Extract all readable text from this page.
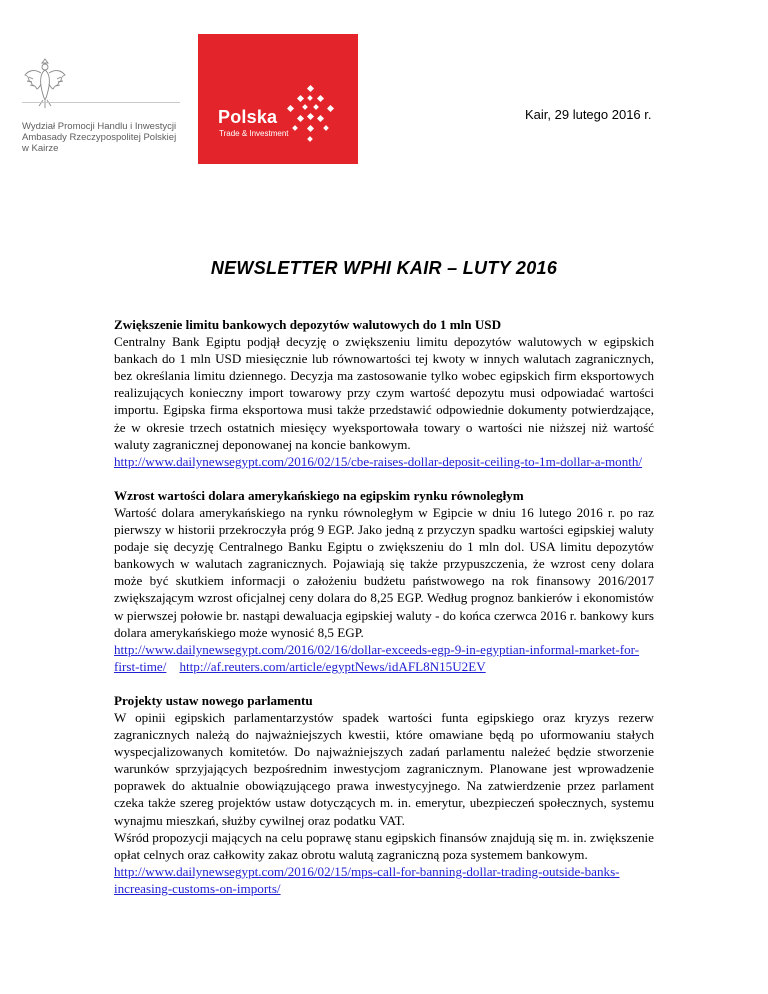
Wydział Promocji Handlu i Inwestycji
Ambasady Rzeczypospolitej Polskiej
w Kairze
Polska
Trade & Investment
Kair, 29 lutego 2016 r.
NEWSLETTER WPHI KAIR – LUTY 2016
Zwiększenie limitu bankowych depozytów walutowych do 1 mln USD

Centralny Bank Egiptu podjął decyzję o zwiększeniu limitu depozytów walutowych w egipskich bankach do 1 mln USD miesięcznie lub równowartości tej kwoty w innych walutach zagranicznych, bez określania limitu dziennego. Decyzja ma zastosowanie tylko wobec egipskich firm eksportowych realizujących konieczny import towarowy przy czym wartość depozytu musi odpowiadać wartości importu. Egipska firma eksportowa musi także przedstawić odpowiednie dokumenty potwierdzające, że w okresie trzech ostatnich miesięcy wyeksportowała towary o wartości nie niższej niż wartość waluty zagranicznej deponowanej na koncie bankowym.

http://www.dailynewsegypt.com/2016/02/15/cbe-raises-dollar-deposit-ceiling-to-1m-dollar-a-month/
Wzrost wartości dolara amerykańskiego na egipskim rynku równoległym

Wartość dolara amerykańskiego na rynku równoległym w Egipcie w dniu 16 lutego 2016 r. po raz pierwszy w historii przekroczyła próg 9 EGP. Jako jedną z przyczyn spadku wartości egipskiej waluty podaje się decyzję Centralnego Banku Egiptu o zwiększeniu do 1 mln dol. USA limitu depozytów bankowych w walutach zagranicznych. Pojawiają się także przypuszczenia, że wzrost ceny dolara może być skutkiem informacji o założeniu budżetu państwowego na rok finansowy 2016/2017 zwiększającym wzrost oficjalnej ceny dolara do 8,25 EGP. Według prognoz bankierów i ekonomistów w pierwszej połowie br. nastąpi dewaluacja egipskiej waluty - do końca czerwca 2016 r. bankowy kurs dolara amerykańskiego może wynosić 8,5 EGP.

http://www.dailynewsegypt.com/2016/02/16/dollar-exceeds-egp-9-in-egyptian-informal-market-for-first-time/ http://af.reuters.com/article/egyptNews/idAFL8N15U2EV
Projekty ustaw nowego parlamentu

W opinii egipskich parlamentarzystów spadek wartości funta egipskiego oraz kryzys rezerw zagranicznych należą do najważniejszych kwestii, które omawiane będą po uformowaniu stałych wyspecjalizowanych komitetów. Do najważniejszych zadań parlamentu należeć będzie stworzenie warunków sprzyjających bezpośrednim inwestycjom zagranicznym. Planowane jest wprowadzenie poprawek do aktualnie obowiązującego prawa inwestycyjnego. Na zatwierdzenie przez parlament czeka także szereg projektów ustaw dotyczących m. in. emerytur, ubezpieczeń społecznych, systemu wynajmu mieszkań, służby cywilnej oraz podatku VAT.

Wśród propozycji mających na celu poprawę stanu egipskich finansów znajdują się m. in. zwiększenie opłat celnych oraz całkowity zakaz obrotu walutą zagraniczną poza systemem bankowym.

http://www.dailynewsegypt.com/2016/02/15/mps-call-for-banning-dollar-trading-outside-banks-increasing-customs-on-imports/
